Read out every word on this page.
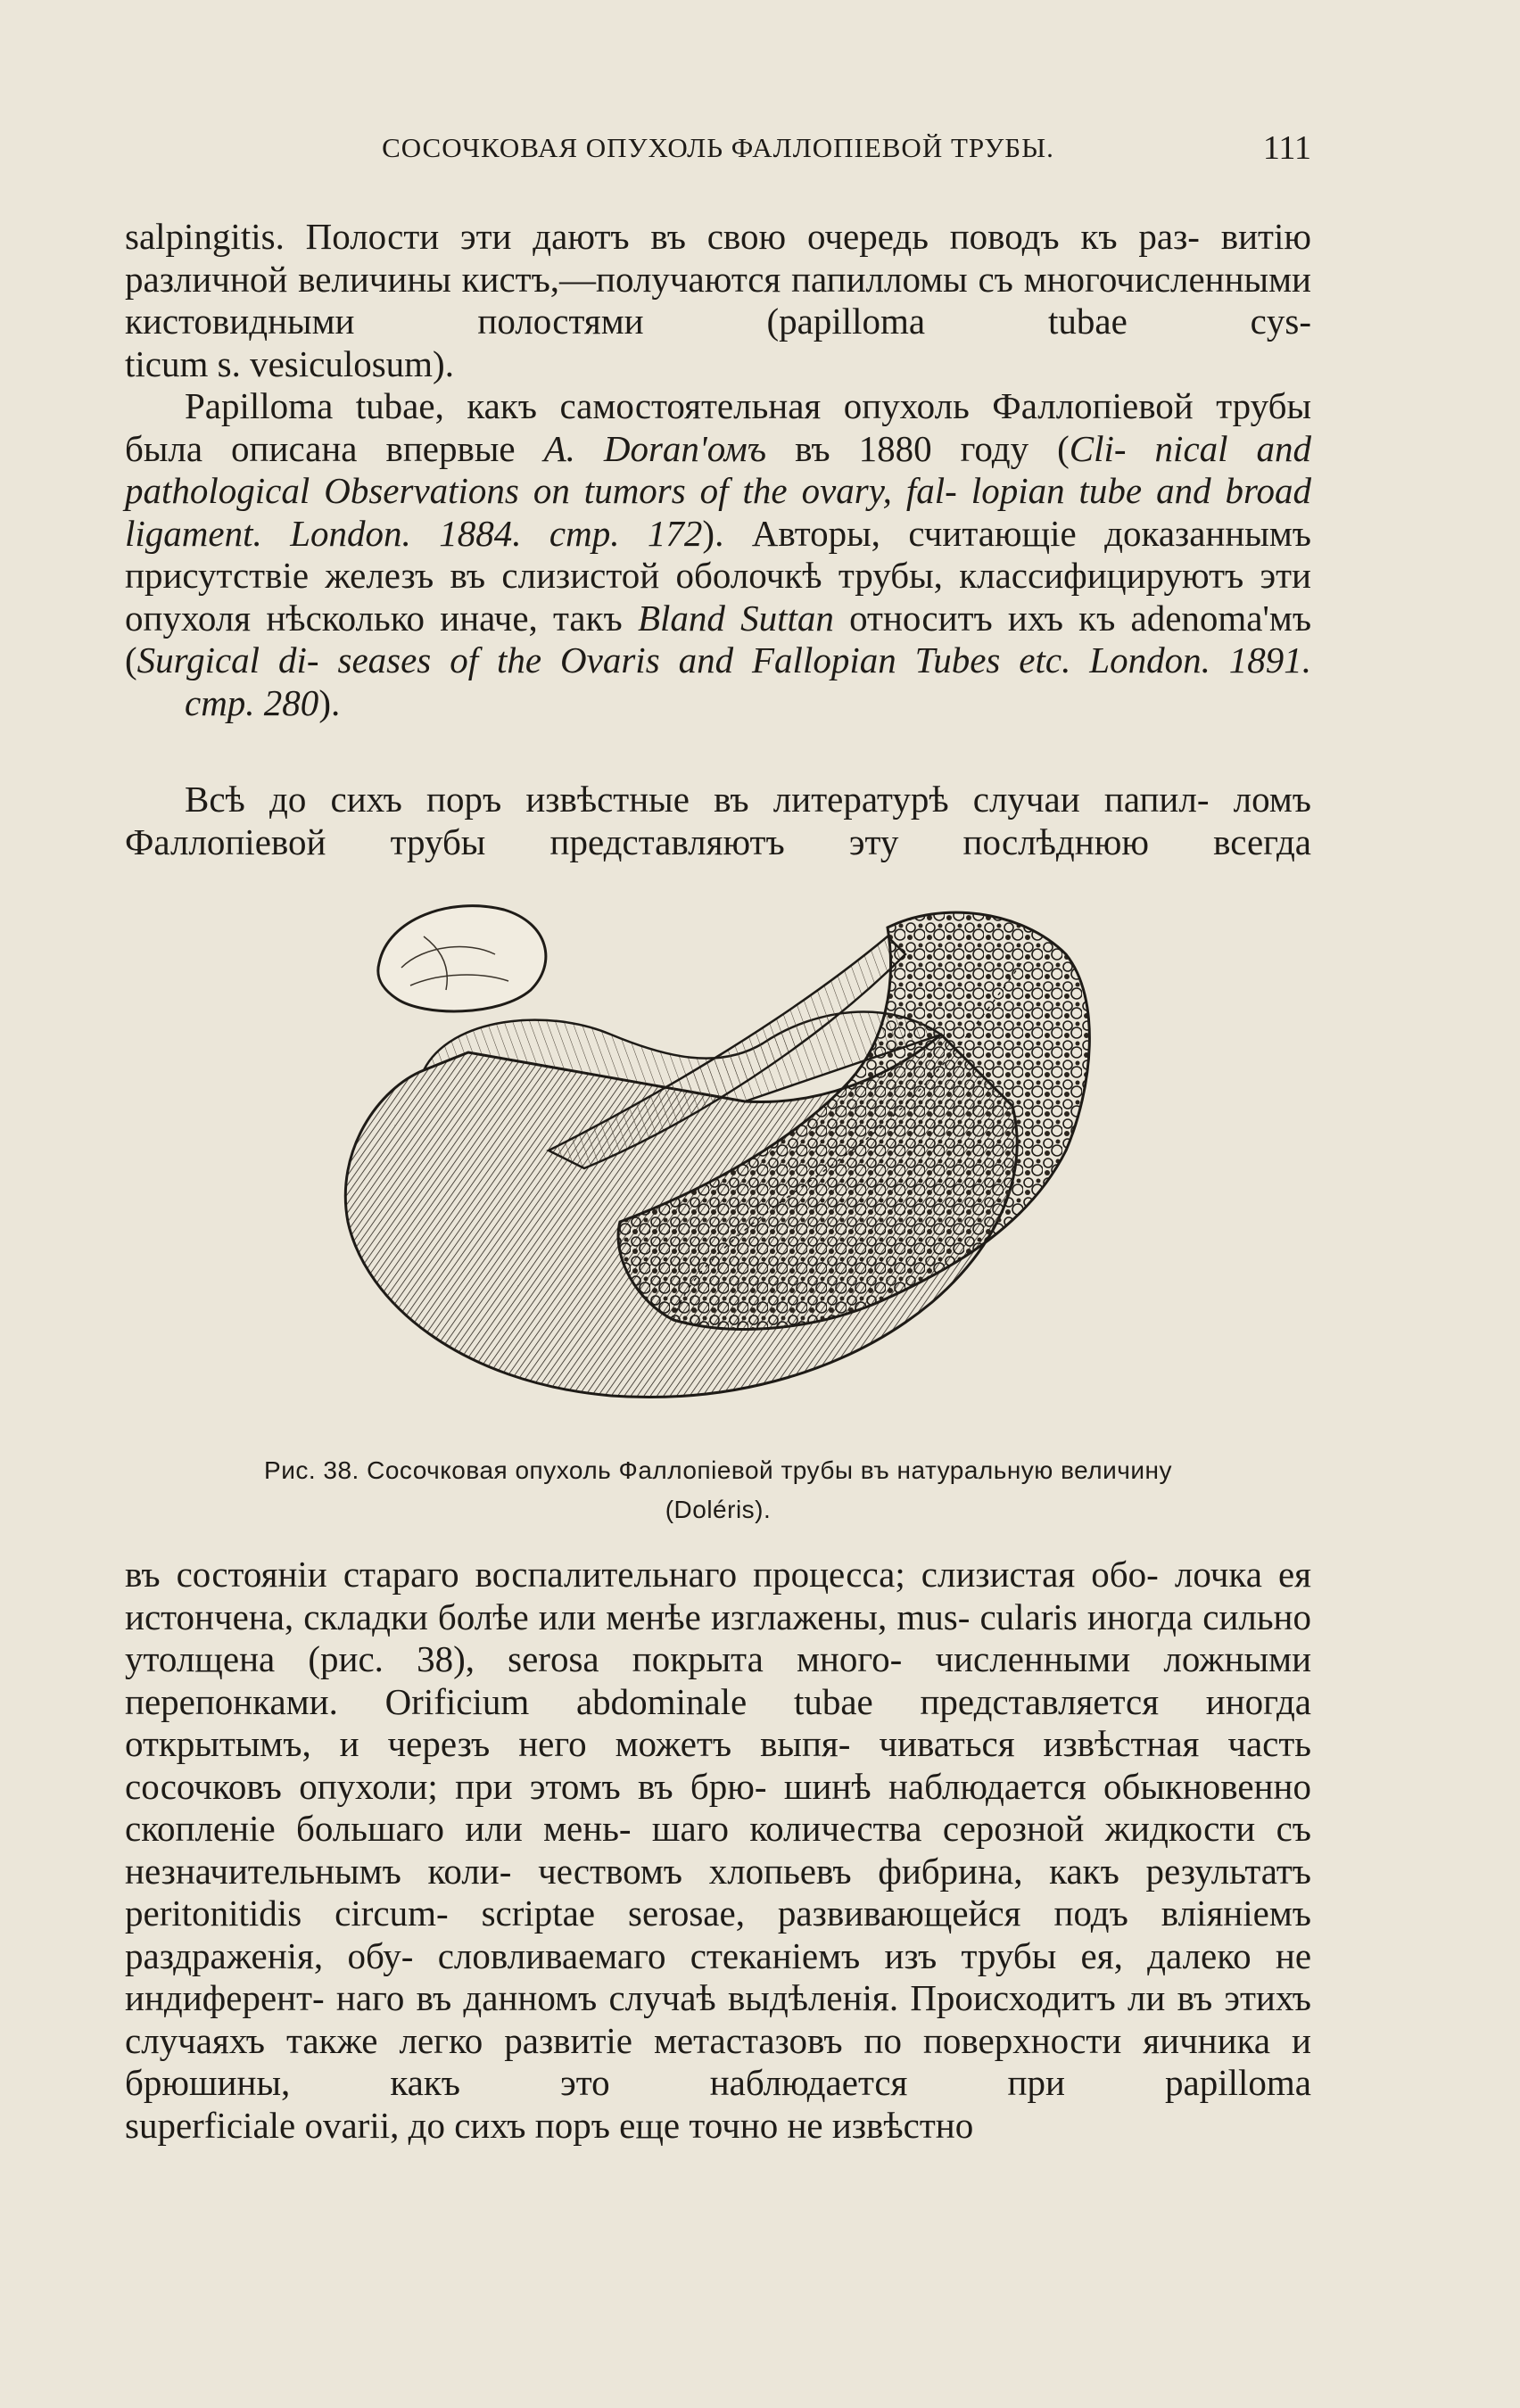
СОСОЧКОВАЯ ОПУХОЛЬ ФАЛЛОПІЕВОЙ ТРУБЫ.	111

salpingitis. Полости эти даютъ въ свою очередь поводъ къ раз- витію различной величины кистъ,—получаются папилломы съ многочисленными кистовидными полостями (papilloma tubae cys-
ticum s. vesiculosum).

Papilloma tubae, какъ самостоятельная опухоль Фаллопіевой трубы была описана впервые A. Doran'омъ въ 1880 году (Cli- nical and pathological Observations on tumors of the ovary, fal- lopian tube and broad ligament. London. 1884. стр. 172). Авторы, считающіе доказаннымъ присутствіе железъ въ слизистой оболочкѣ трубы, классифицируютъ эти опухоля нѣсколько иначе, такъ Bland Suttan относитъ ихъ къ adenoma'мъ (Surgical di- seases of the Ovaris and Fallopian Tubes etc. London. 1891.
стр. 280).

Всѣ до сихъ поръ извѣстные въ литературѣ случаи папил- ломъ Фаллопіевой трубы представляютъ эту послѣднюю всегда

Рис. 38. Сосочковая опухоль Фаллопіевой трубы въ натуральную величину
(Doléris).

въ состояніи стараго воспалительнаго процесса; слизистая обо- лочка ея истончена, складки болѣе или менѣе изглажены, mus- cularis иногда сильно утолщена (рис. 38), serosa покрыта много- численными ложными перепонками. Orificium abdominale tubae представляется иногда открытымъ, и черезъ него можетъ выпя- чиваться извѣстная часть сосочковъ опухоли; при этомъ въ брю- шинѣ наблюдается обыкновенно скопленіе большаго или мень- шаго количества серозной жидкости съ незначительнымъ коли- чествомъ хлопьевъ фибрина, какъ результатъ peritonitidis circum- scriptae serosae, развивающейся подъ вліяніемъ раздраженія, обу- словливаемаго стеканіемъ изъ трубы ея, далеко не индиферент- наго въ данномъ случаѣ выдѣленія. Происходитъ ли въ этихъ случаяхъ также легко развитіе метастазовъ по поверхности яичника и брюшины, какъ это наблюдается при papilloma
superficiale ovarii, до сихъ поръ еще точно не извѣстно
